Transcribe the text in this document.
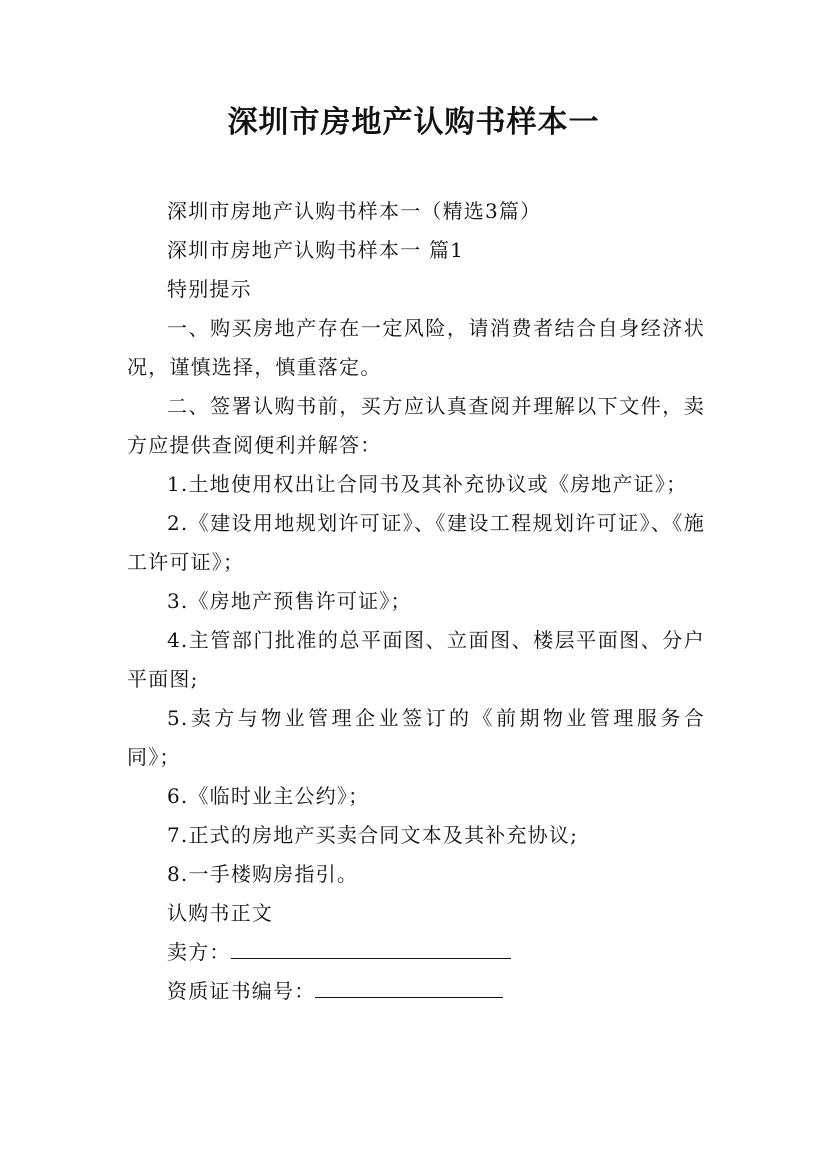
深圳市房地产认购书样本一

深圳市房地产认购书样本一（精选3篇）

深圳市房地产认购书样本一 篇1

特别提示

一、购买房地产存在一定风险，请消费者结合自身经济状况，谨慎选择，慎重落定。

二、签署认购书前，买方应认真查阅并理解以下文件，卖方应提供查阅便利并解答：

1.土地使用权出让合同书及其补充协议或《房地产证》；

2.《建设用地规划许可证》、《建设工程规划许可证》、《施工许可证》；

3.《房地产预售许可证》；

4.主管部门批准的总平面图、立面图、楼层平面图、分户平面图;

5.卖方与物业管理企业签订的《前期物业管理服务合同》；

6.《临时业主公约》；

7.正式的房地产买卖合同文本及其补充协议;

8.一手楼购房指引。

认购书正文

卖方：

资质证书编号：
